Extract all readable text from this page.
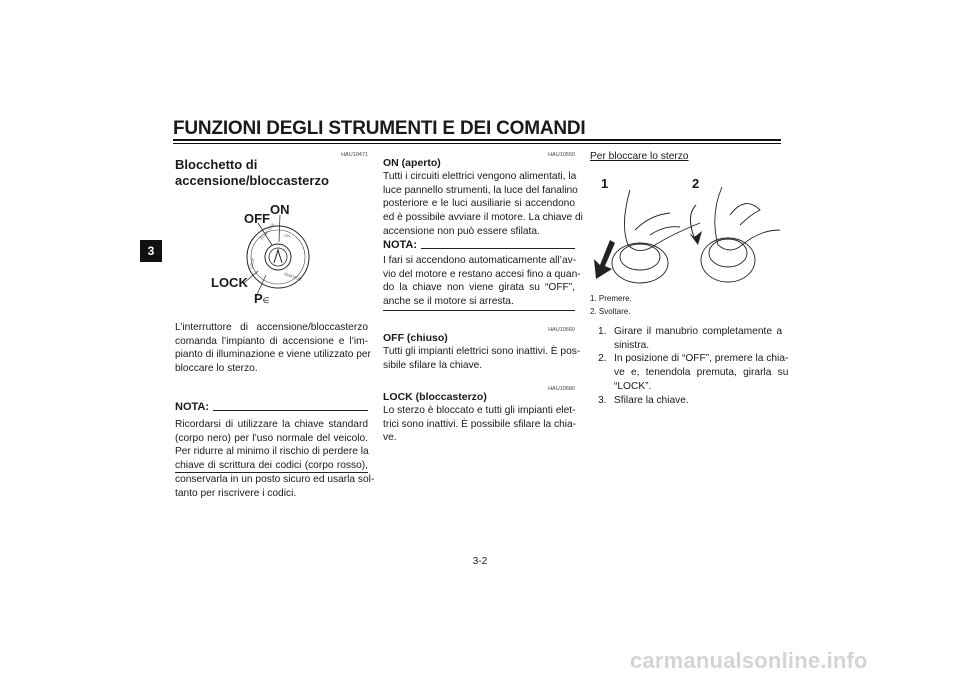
FUNZIONI DEGLI STRUMENTI E DEI COMANDI
3
HAU10471
Blocchetto di
accensione/bloccasterzo
PUSH OFF ON
IGNITION
LOCK
ON
OFF
LOCK
P∈
L’interruttore di accensione/bloccasterzo
comanda l’impianto di accensione e l’im-
pianto di illuminazione e viene utilizzato per
bloccare lo sterzo.
NOTA:
Ricordarsi di utilizzare la chiave standard
(corpo nero) per l’uso normale del veicolo.
Per ridurre al minimo il rischio di perdere la
chiave di scrittura dei codici (corpo rosso),
conservarla in un posto sicuro ed usarla sol-
tanto per riscrivere i codici.
HAU10550
ON (aperto)
Tutti i circuiti elettrici vengono alimentati, la
luce pannello strumenti, la luce del fanalino
posteriore e le luci ausiliarie si accendono
ed è possibile avviare il motore. La chiave di
accensione non può essere sfilata.
NOTA:
I fari si accendono automaticamente all’av-
vio del motore e restano accesi fino a quan-
do la chiave non viene girata su “OFF”,
anche se il motore si arresta.
HAU10660
OFF (chiuso)
Tutti gli impianti elettrici sono inattivi. È pos-
sibile sfilare la chiave.
HAU10680
LOCK (bloccasterzo)
Lo sterzo è bloccato e tutti gli impianti elet-
trici sono inattivi. È possibile sfilare la chia-
ve.
Per bloccare lo sterzo
1	2
1. Premere.
2. Svoltare.
1. Girare il manubrio completamente a
sinistra.
2. In posizione di “OFF”, premere la chia-
ve e, tenendola premuta, girarla su
“LOCK”.
3. Sfilare la chiave.
3-2
carmanualsonline.info
